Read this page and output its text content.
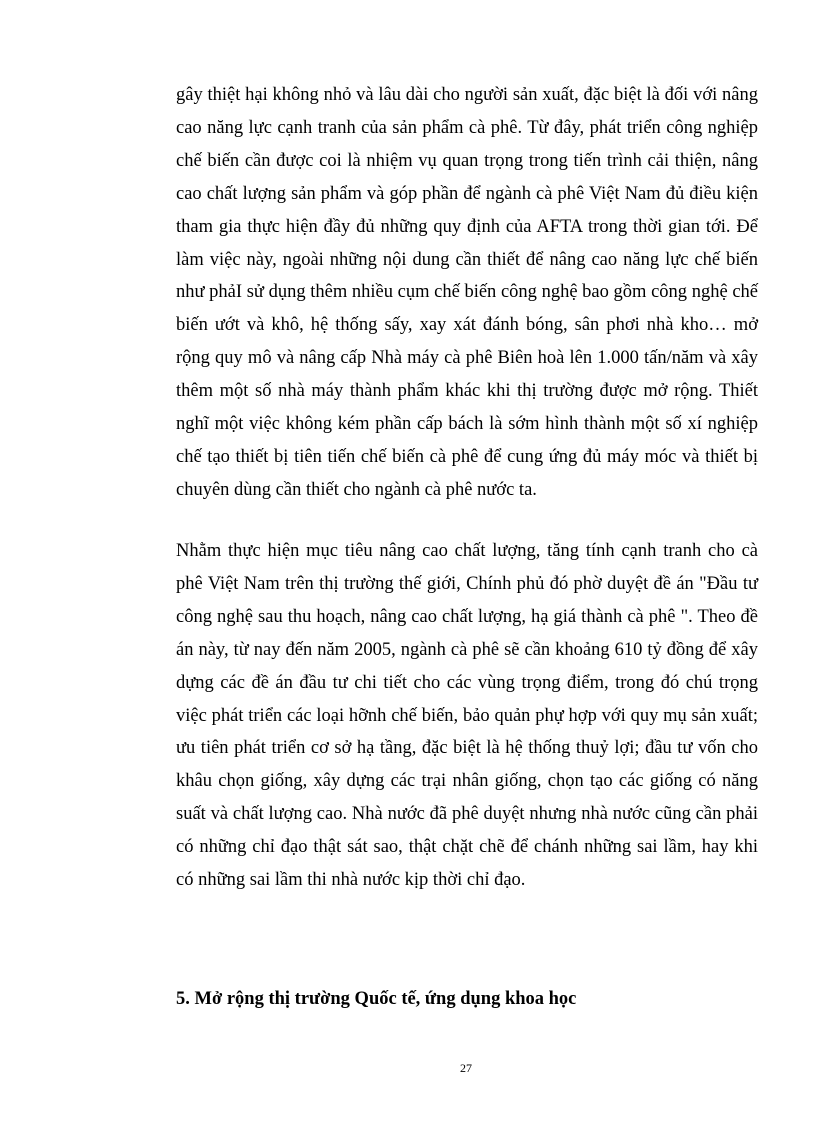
gây thiệt hại không nhỏ và lâu dài cho người sản xuất, đặc biệt là đối với nâng cao năng lực cạnh tranh của sản phẩm cà phê. Từ đây, phát triển công nghiệp chế biến cần được coi là nhiệm vụ quan trọng trong tiến trình cải thiện, nâng cao chất lượng sản phẩm và góp phần để ngành cà phê Việt Nam đủ điều kiện tham gia thực hiện đầy đủ những quy định của AFTA trong thời gian tới. Để làm việc này, ngoài những nội dung cần thiết để nâng cao năng lực chế biến như phảI sử dụng thêm nhiều cụm chế biến công nghệ bao gồm công nghệ chế biến ướt và khô, hệ thống sấy, xay xát đánh bóng, sân phơi nhà kho… mở rộng quy mô và nâng cấp Nhà máy cà phê Biên hoà lên 1.000 tấn/năm và xây thêm một số nhà máy thành phẩm khác khi thị trường được mở rộng. Thiết nghĩ một việc không kém phần cấp bách là sớm hình thành một số xí nghiệp chế tạo thiết bị tiên tiến chế biến cà phê để cung ứng đủ máy móc và thiết bị chuyên dùng cần thiết cho ngành cà phê nước ta.

Nhằm thực hiện mục tiêu nâng cao chất lượng, tăng tính cạnh tranh cho cà phê Việt Nam trên thị trường thế giới, Chính phủ đó phờ duyệt đề án "Đầu tư công nghệ sau thu hoạch, nâng cao chất lượng, hạ giá thành cà phê ". Theo đề án này, từ nay đến năm 2005, ngành cà phê sẽ cần khoảng 610 tỷ đồng để xây dựng các đề án đầu tư chi tiết cho các vùng trọng điểm, trong đó chú trọng việc phát triển các loại hỡnh chế biến, bảo quản phự hợp với quy mụ sản xuất; ưu tiên phát triển cơ sở hạ tầng, đặc biệt là hệ thống thuỷ lợi; đầu tư vốn cho khâu chọn giống, xây dựng các trại nhân giống, chọn tạo các giống có năng suất và chất lượng cao. Nhà nước đã phê duyệt nhưng nhà nước cũng cần phải có những chỉ đạo thật sát sao, thật chặt chẽ để chánh những sai lầm, hay khi có những sai lầm thi nhà nước kịp thời chỉ đạo.

5. Mở rộng thị trường Quốc tế, ứng dụng khoa học
27
